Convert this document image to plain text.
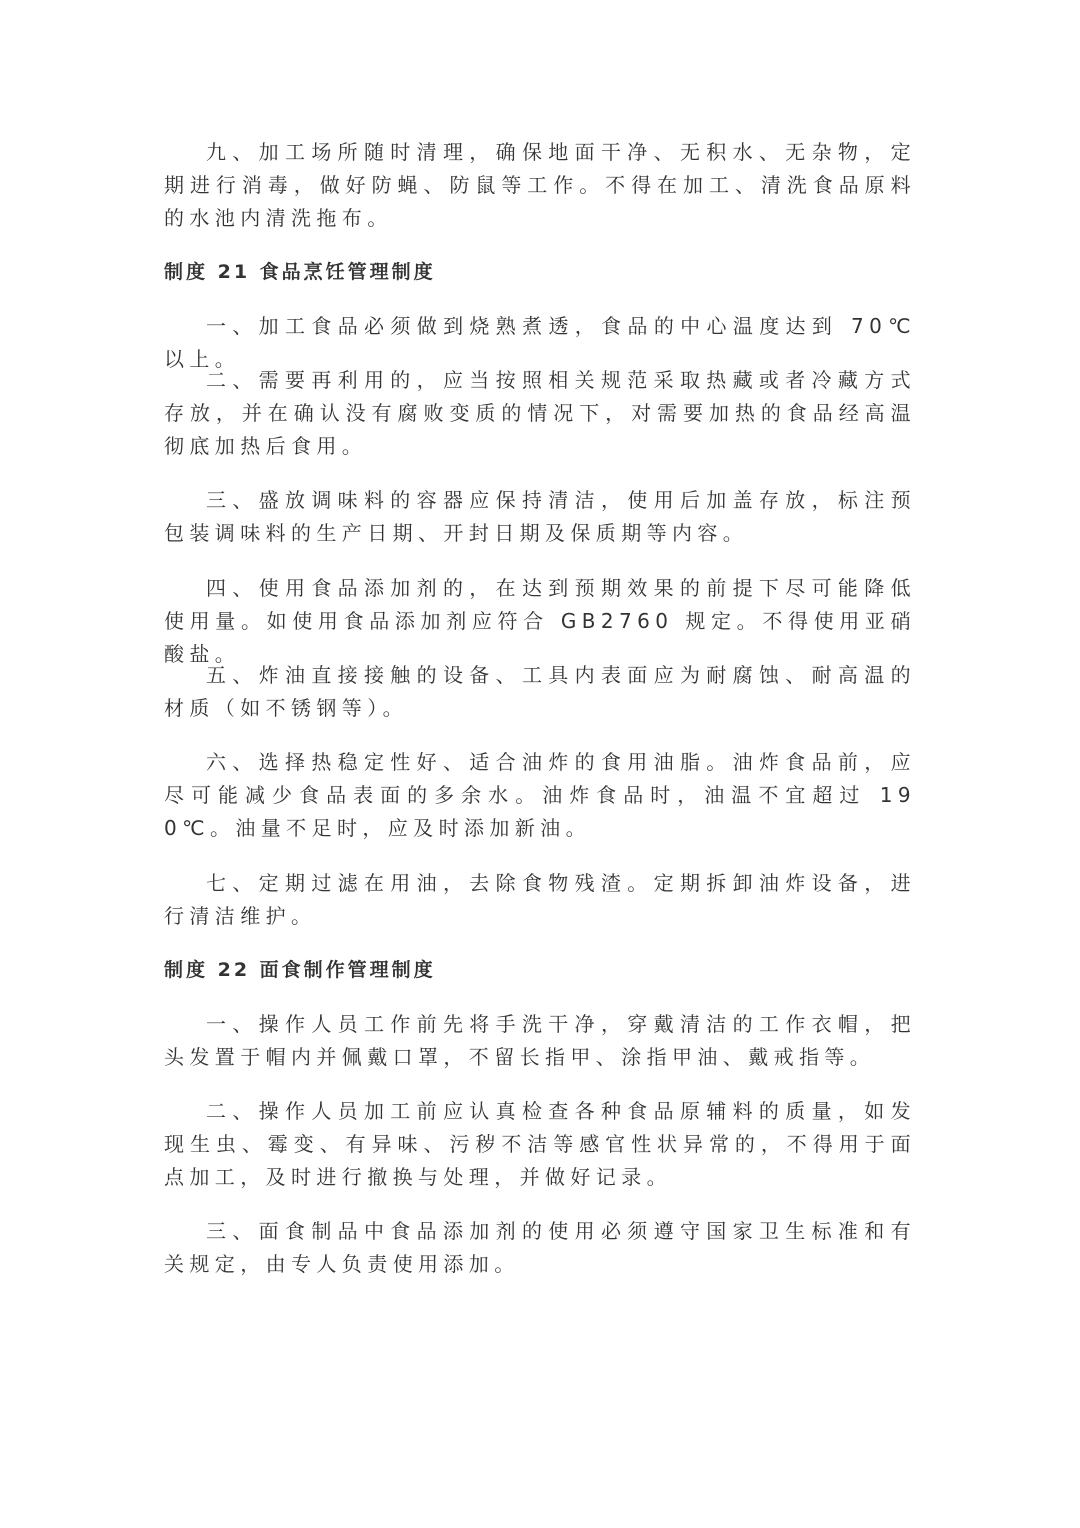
九、加工场所随时清理，确保地面干净、无积水、无杂物，定期进行消毒，做好防蝇、防鼠等工作。不得在加工、清洗食品原料的水池内清洗拖布。

制度 21 食品烹饪管理制度

一、加工食品必须做到烧熟煮透，食品的中心温度达到 70℃以上。

二、需要再利用的，应当按照相关规范采取热藏或者冷藏方式存放，并在确认没有腐败变质的情况下，对需要加热的食品经高温彻底加热后食用。

三、盛放调味料的容器应保持清洁，使用后加盖存放，标注预包装调味料的生产日期、开封日期及保质期等内容。

四、使用食品添加剂的，在达到预期效果的前提下尽可能降低使用量。如使用食品添加剂应符合 GB2760 规定。不得使用亚硝酸盐。

五、炸油直接接触的设备、工具内表面应为耐腐蚀、耐高温的材质（如不锈钢等）。

六、选择热稳定性好、适合油炸的食用油脂。油炸食品前，应尽可能减少食品表面的多余水。油炸食品时，油温不宜超过 190℃。油量不足时，应及时添加新油。

七、定期过滤在用油，去除食物残渣。定期拆卸油炸设备，进行清洁维护。

制度 22 面食制作管理制度

一、操作人员工作前先将手洗干净，穿戴清洁的工作衣帽，把头发置于帽内并佩戴口罩，不留长指甲、涂指甲油、戴戒指等。

二、操作人员加工前应认真检查各种食品原辅料的质量，如发现生虫、霉变、有异味、污秽不洁等感官性状异常的，不得用于面点加工，及时进行撤换与处理，并做好记录。

三、面食制品中食品添加剂的使用必须遵守国家卫生标准和有关规定，由专人负责使用添加。
